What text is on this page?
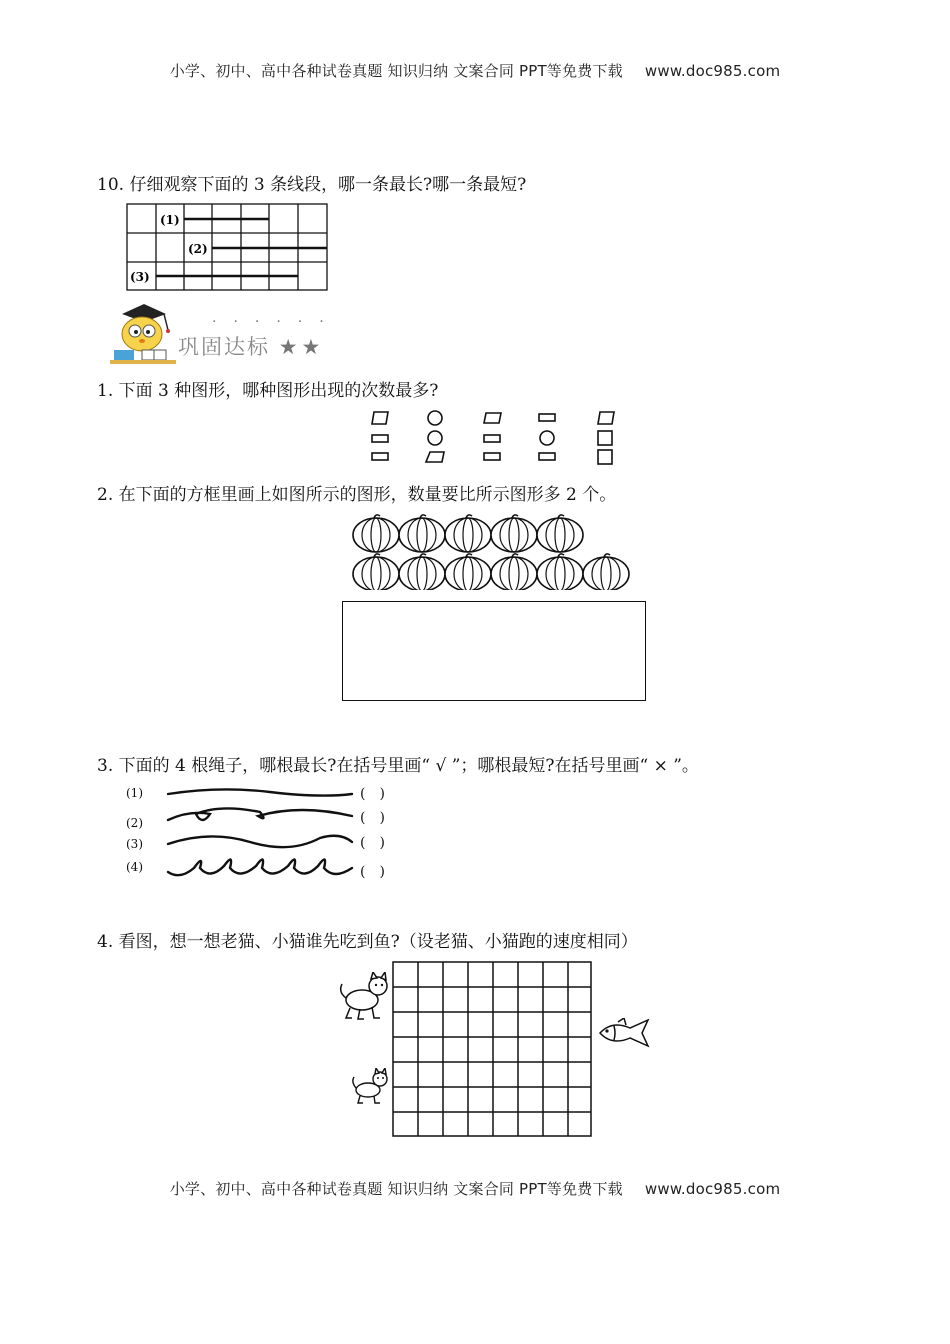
小学、初中、高中各种试卷真题 知识归纳 文案合同 PPT等免费下载 www.doc985.com
10. 仔细观察下面的 3 条线段，哪一条最长?哪一条最短?
(1)
(2)
(3)
······
巩固达标 ★★
1. 下面 3 种图形，哪种图形出现的次数最多?
2. 在下面的方框里画上如图所示的图形，数量要比所示图形多 2 个。
3. 下面的 4 根绳子，哪根最长?在括号里画“ √ ”；哪根最短?在括号里画“ × ”。
(1)
(2)
(3)
(4)
(　)
(　)
(　)
(　)
4. 看图，想一想老猫、小猫谁先吃到鱼?（设老猫、小猫跑的速度相同）
小学、初中、高中各种试卷真题 知识归纳 文案合同 PPT等免费下载 www.doc985.com
